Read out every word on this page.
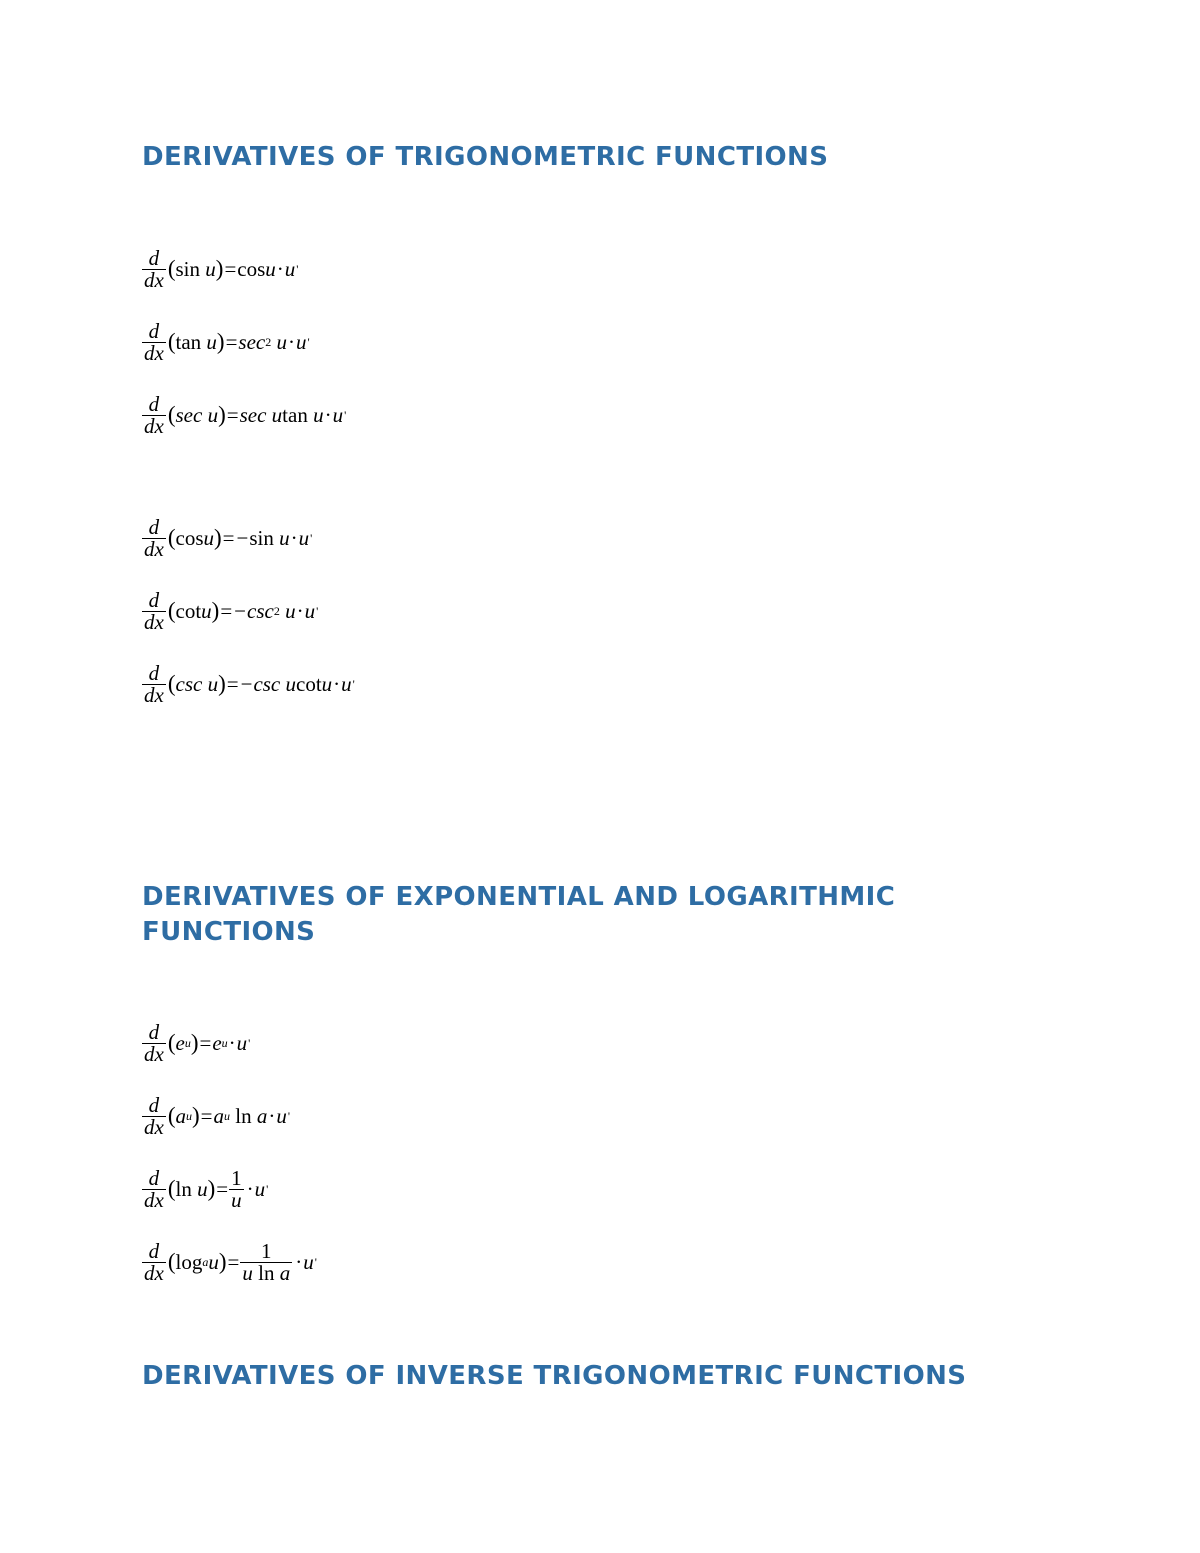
DERIVATIVES OF TRIGONOMETRIC FUNCTIONS
$\frac{d}{dx}$ ( sin
u ) = cos u · u '
$\frac{d}{dx}$ ( tan
u ) = sec 2
u · u '
$\frac{d}{dx}$ ( sec
u ) = sec
u tan
u · u '
$\frac{d}{dx}$ ( cos u ) = − sin
u · u '
$\frac{d}{dx}$ ( cot u ) = − csc 2
u · u '
$\frac{d}{dx}$ ( csc
u ) = − csc
u cot u · u '
DERIVATIVES OF EXPONENTIAL AND LOGARITHMIC
FUNCTIONS
$\frac{d}{dx}$ ( e u ) = e u · u '
$\frac{d}{dx}$ ( a u ) = a u
ln
a · u '
$\frac{d}{dx}$ ( ln
u ) = $\frac{1}{u} \cdot u$ '
$\frac{d}{dx}$ ( log a u ) = $\frac{1}{\text{u ln a}} \cdot u$ '
DERIVATIVES OF INVERSE TRIGONOMETRIC FUNCTIONS
